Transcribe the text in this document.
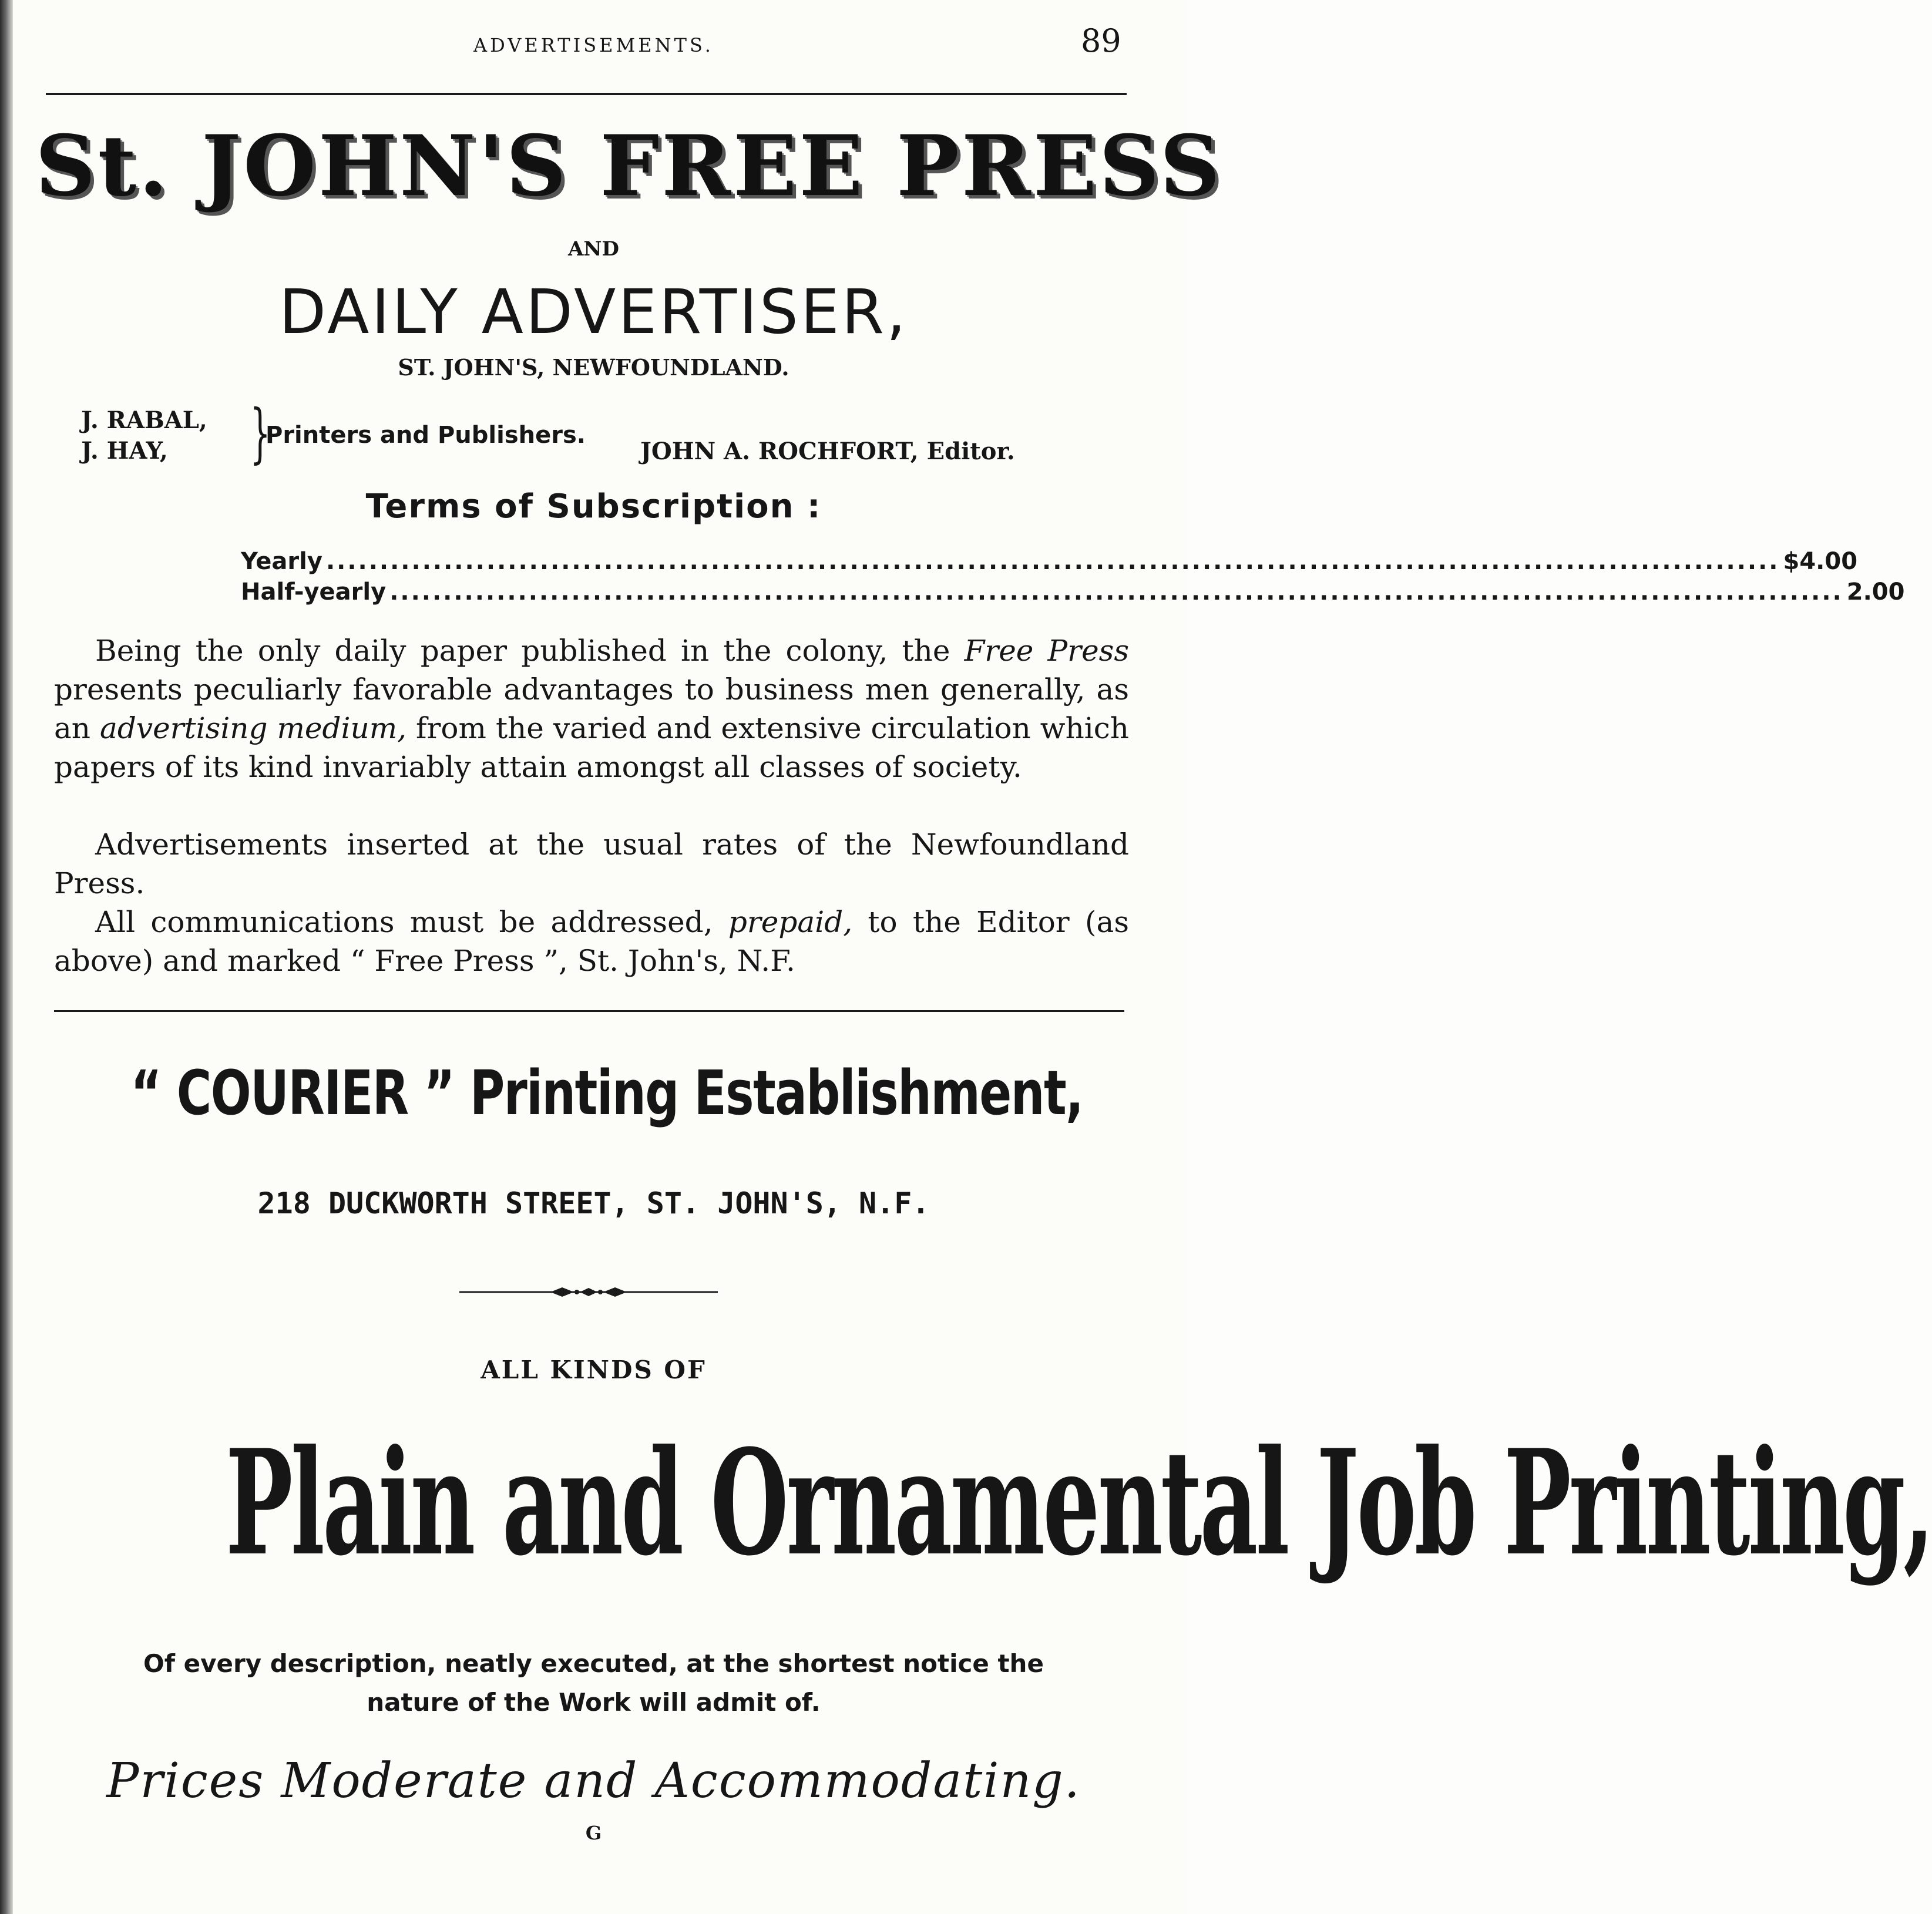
ADVERTISEMENTS.	89
St. JOHN'S FREE PRESS
AND
DAILY ADVERTISER,
ST. JOHN'S, NEWFOUNDLAND.
J. RABAL,
J. HAY,	}
Printers and Publishers.
JOHN A. ROCHFORT, Editor.
Terms of Subscription :
Yearly .....	$4.00
Half-yearly .....	2.00
Being the only daily paper published in the colony, the Free Press presents peculiarly favorable advantages to business men generally, as an advertising medium, from the varied and extensive circulation which papers of its kind invariably attain amongst all classes of society.
Advertisements inserted at the usual rates of the Newfoundland Press.
All communications must be addressed, prepaid, to the Editor (as above) and marked “ Free Press ”, St. John's, N.F.
“ COURIER ” Printing Establishment,
218 DUCKWORTH STREET, ST. JOHN'S, N.F.
ALL KINDS OF
Plain and Ornamental Job Printing,
Of every description, neatly executed, at the shortest notice the
nature of the Work will admit of.
Prices Moderate and Accommodating.
G
